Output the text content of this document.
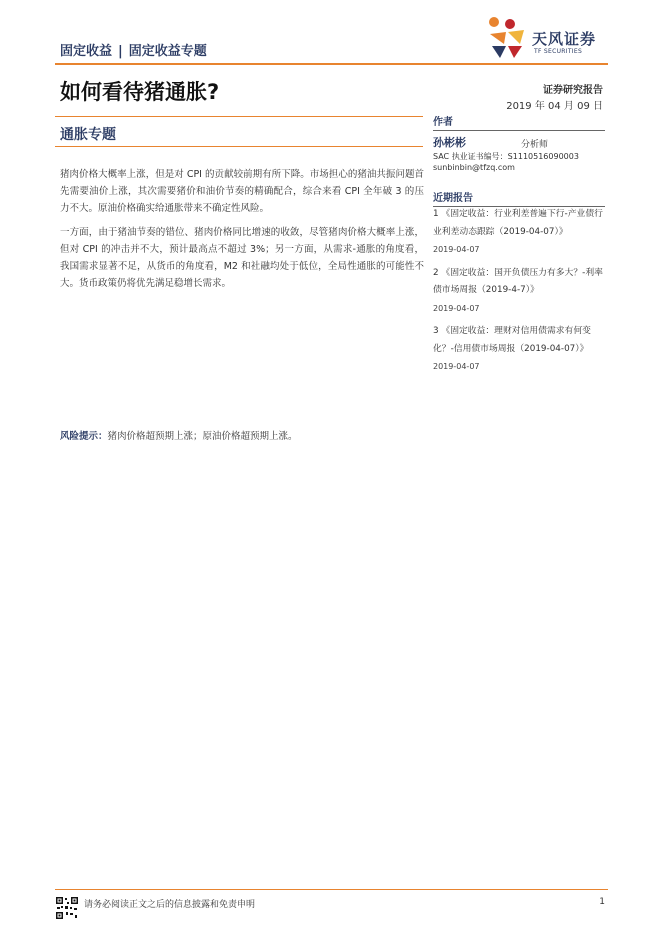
固定收益 | 固定收益专题
天风证券
TF SECURITIES
如何看待猪通胀?	证券研究报告
2019 年 04 月 09 日
通胀专题

猪肉价格大概率上涨，但是对 CPI 的贡献较前期有所下降。市场担心的猪油共振问题首先需要油价上涨，其次需要猪价和油价节奏的精确配合，综合来看 CPI 全年破 3 的压力不大。原油价格确实给通胀带来不确定性风险。

一方面，由于猪油节奏的错位、猪肉价格同比增速的收敛，尽管猪肉价格大概率上涨，但对 CPI 的冲击并不大，预计最高点不超过 3%；另一方面，从需求-通胀的角度看，我国需求显著不足，从货币的角度看，M2 和社融均处于低位，全局性通胀的可能性不大。货币政策仍将优先满足稳增长需求。

风险提示：猪肉价格超预期上涨；原油价格超预期上涨。
作者
孙彬彬	分析师
SAC 执业证书编号：S1110516090003
sunbinbin@tfzq.com
近期报告
1 《固定收益：行业利差普遍下行-产业债行业利差动态跟踪（2019-04-07）》
2019-04-07
2 《固定收益：国开负债压力有多大？-利率债市场周报（2019-4-7）》
2019-04-07
3 《固定收益：理财对信用债需求有何变化？-信用债市场周报（2019-04-07）》
2019-04-07
请务必阅读正文之后的信息披露和免责申明	1
